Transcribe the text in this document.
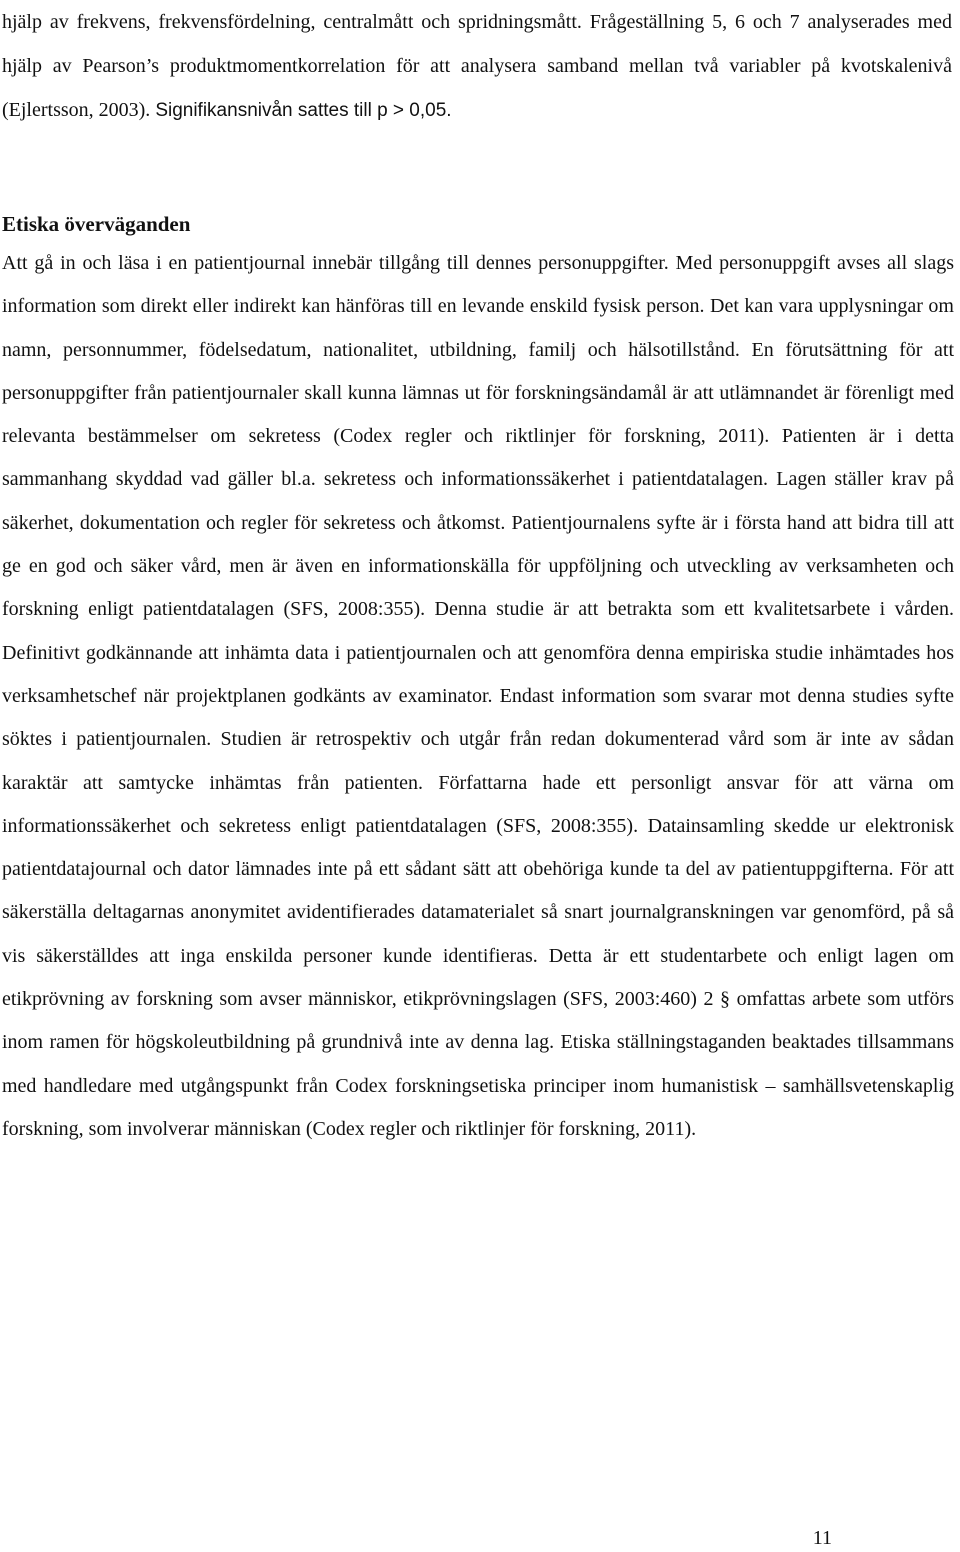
hjälp av frekvens, frekvensfördelning, centralmått och spridningsmått. Frågeställning 5, 6 och 7 analyserades med hjälp av Pearson’s produktmomentkorrelation för att analysera samband mellan två variabler på kvotskalenivå (Ejlertsson, 2003). Signifikansnivån sattes till p > 0,05.

Etiska överväganden

Att gå in och läsa i en patientjournal innebär tillgång till dennes personuppgifter. Med personuppgift avses all slags information som direkt eller indirekt kan hänföras till en levande enskild fysisk person. Det kan vara upplysningar om namn, personnummer, födelsedatum, nationalitet, utbildning, familj och hälsotillstånd. En förutsättning för att personuppgifter från patientjournaler skall kunna lämnas ut för forskningsändamål är att utlämnandet är förenligt med relevanta bestämmelser om sekretess (Codex regler och riktlinjer för forskning, 2011). Patienten är i detta sammanhang skyddad vad gäller bl.a. sekretess och informationssäkerhet i patientdatalagen. Lagen ställer krav på säkerhet, dokumentation och regler för sekretess och åtkomst. Patientjournalens syfte är i första hand att bidra till att ge en god och säker vård, men är även en informationskälla för uppföljning och utveckling av verksamheten och forskning enligt patientdatalagen (SFS, 2008:355). Denna studie är att betrakta som ett kvalitetsarbete i vården. Definitivt godkännande att inhämta data i patientjournalen och att genomföra denna empiriska studie inhämtades hos verksamhetschef när projektplanen godkänts av examinator. Endast information som svarar mot denna studies syfte söktes i patientjournalen. Studien är retrospektiv och utgår från redan dokumenterad vård som är inte av sådan karaktär att samtycke inhämtas från patienten. Författarna hade ett personligt ansvar för att värna om informationssäkerhet och sekretess enligt patientdatalagen (SFS, 2008:355). Datainsamling skedde ur elektronisk patientdatajournal och dator lämnades inte på ett sådant sätt att obehöriga kunde ta del av patientuppgifterna. För att säkerställa deltagarnas anonymitet avidentifierades datamaterialet så snart journalgranskningen var genomförd, på så vis säkerställdes att inga enskilda personer kunde identifieras. Detta är ett studentarbete och enligt lagen om etikprövning av forskning som avser människor, etikprövningslagen (SFS, 2003:460) 2 § omfattas arbete som utförs inom ramen för högskoleutbildning på grundnivå inte av denna lag. Etiska ställningstaganden beaktades tillsammans med handledare med utgångspunkt från Codex forskningsetiska principer inom humanistisk – samhällsvetenskaplig forskning, som involverar människan (Codex regler och riktlinjer för forskning, 2011).

11
